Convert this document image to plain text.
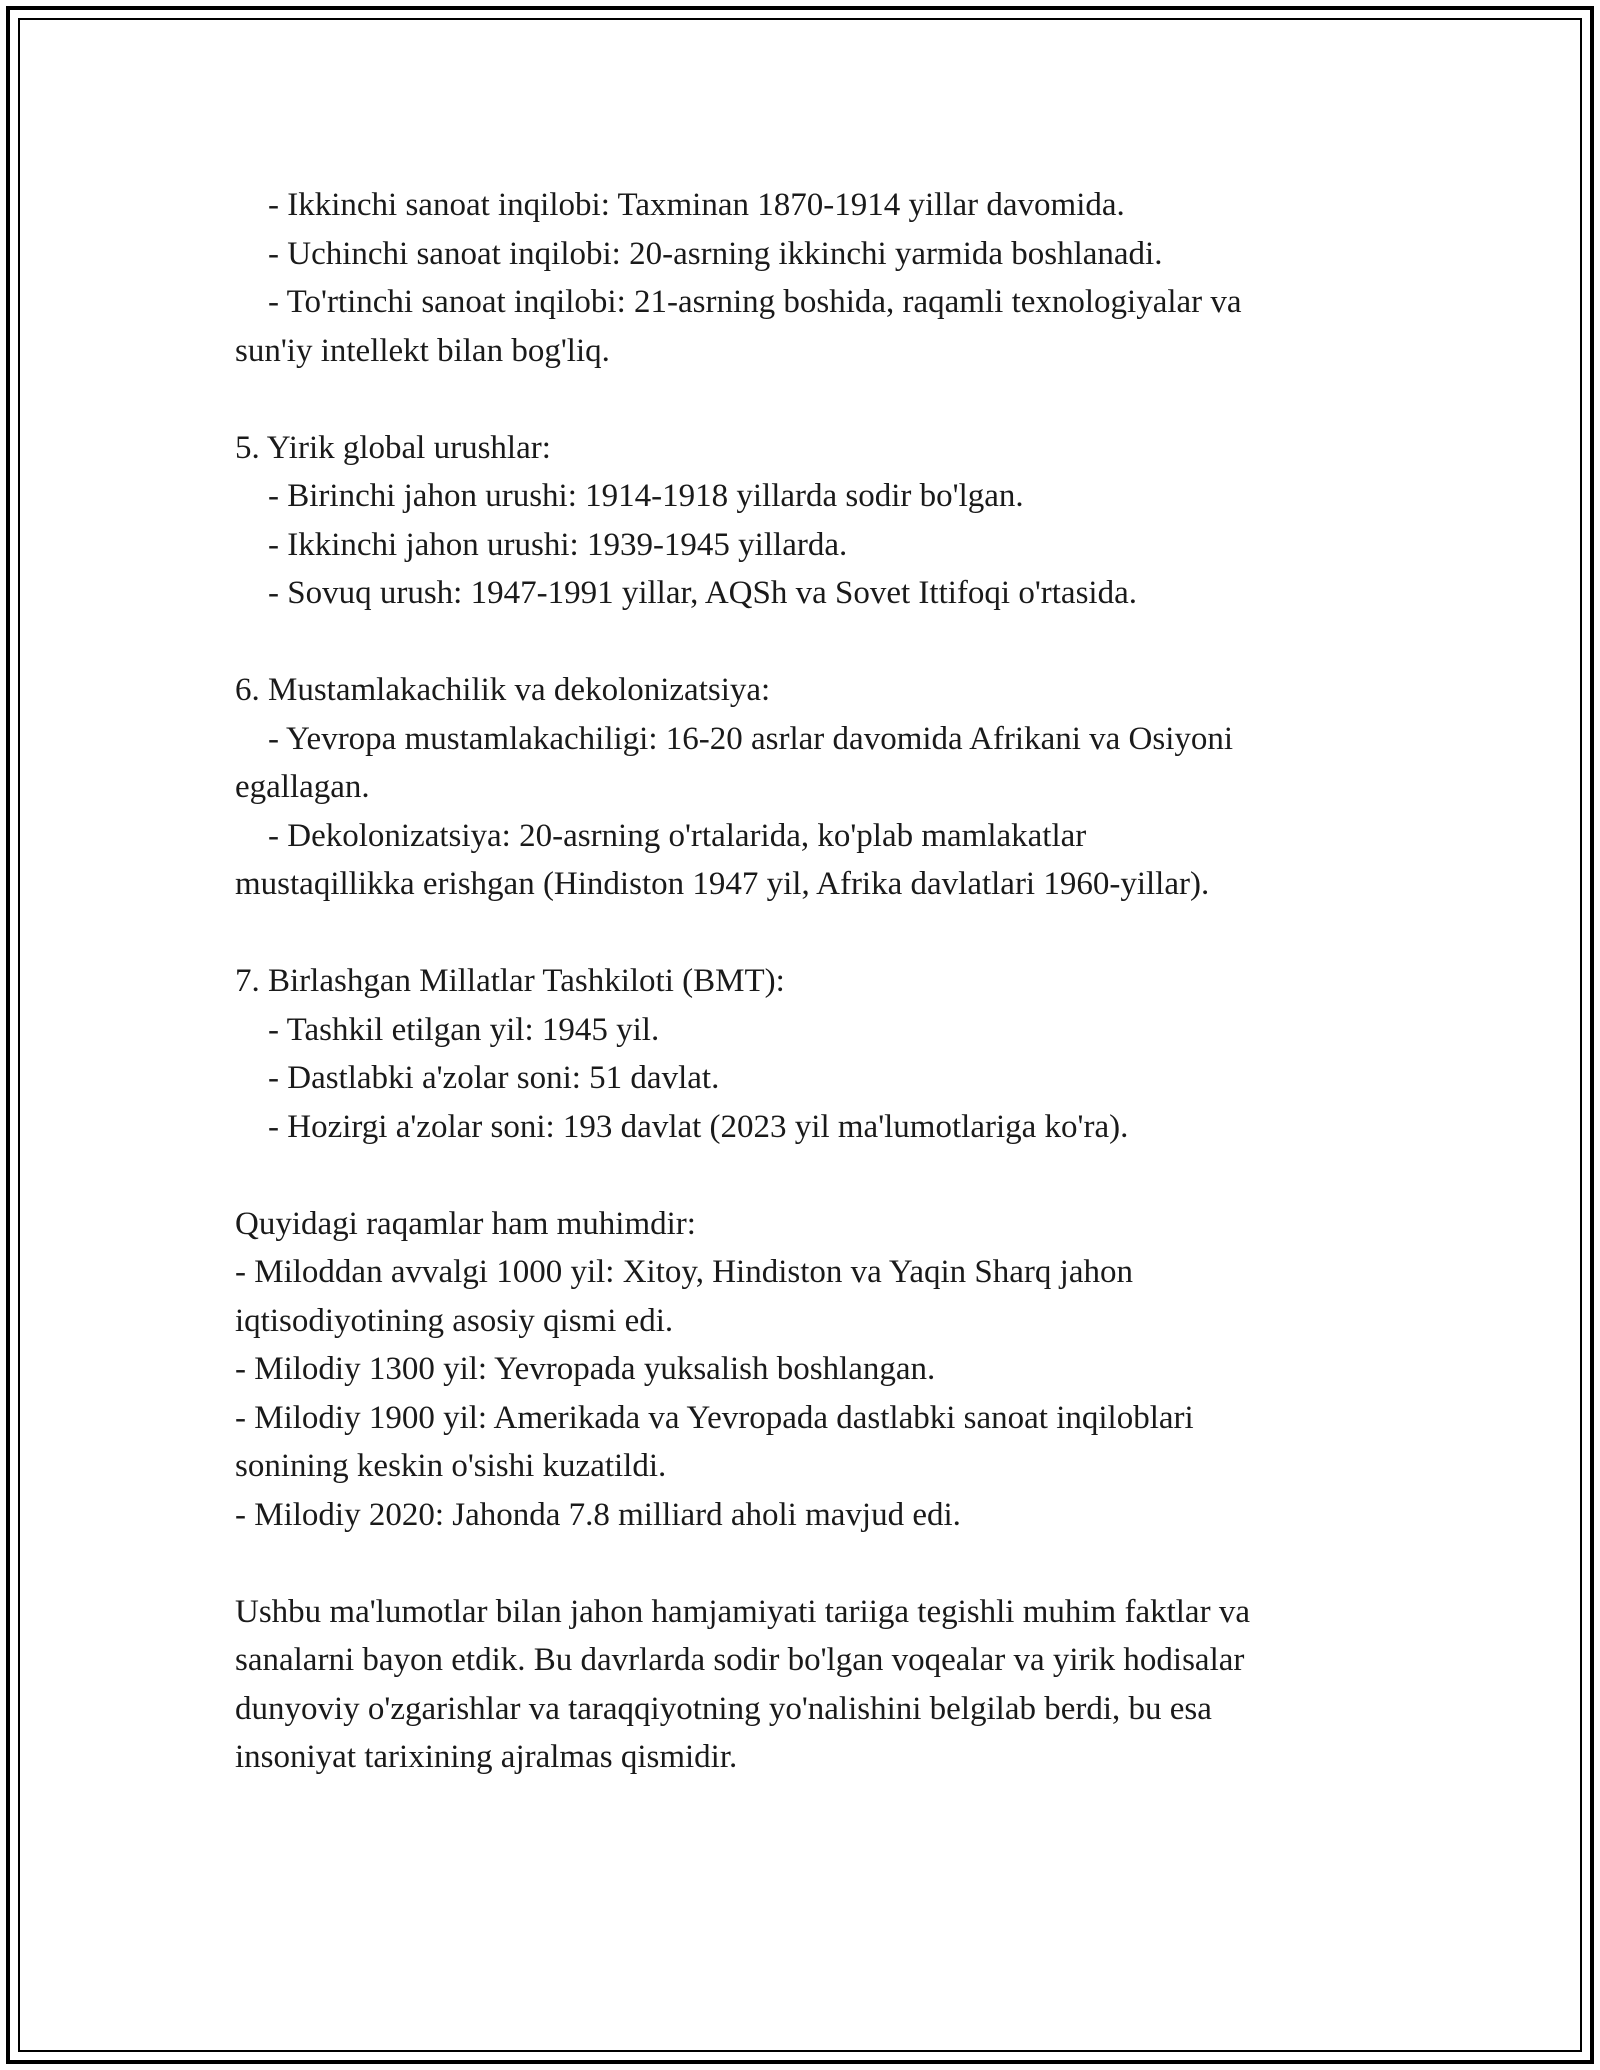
- Ikkinchi sanoat inqilobi: Taxminan 1870-1914 yillar davomida.

- Uchinchi sanoat inqilobi: 20-asrning ikkinchi yarmida boshlanadi.

- To'rtinchi sanoat inqilobi: 21-asrning boshida, raqamli texnologiyalar va

sun'iy intellekt bilan bog'liq.

5. Yirik global urushlar:

- Birinchi jahon urushi: 1914-1918 yillarda sodir bo'lgan.

- Ikkinchi jahon urushi: 1939-1945 yillarda.

- Sovuq urush: 1947-1991 yillar, AQSh va Sovet Ittifoqi o'rtasida.

6. Mustamlakachilik va dekolonizatsiya:

- Yevropa mustamlakachiligi: 16-20 asrlar davomida Afrikani va Osiyoni

egallagan.

- Dekolonizatsiya: 20-asrning o'rtalarida, ko'plab mamlakatlar

mustaqillikka erishgan (Hindiston 1947 yil, Afrika davlatlari 1960-yillar).

7. Birlashgan Millatlar Tashkiloti (BMT):

- Tashkil etilgan yil: 1945 yil.

- Dastlabki a'zolar soni: 51 davlat.

- Hozirgi a'zolar soni: 193 davlat (2023 yil ma'lumotlariga ko'ra).

Quyidagi raqamlar ham muhimdir:

- Miloddan avvalgi 1000 yil: Xitoy, Hindiston va Yaqin Sharq jahon

iqtisodiyotining asosiy qismi edi.

- Milodiy 1300 yil: Yevropada yuksalish boshlangan.

- Milodiy 1900 yil: Amerikada va Yevropada dastlabki sanoat inqiloblari

sonining keskin o'sishi kuzatildi.

- Milodiy 2020: Jahonda 7.8 milliard aholi mavjud edi.

Ushbu ma'lumotlar bilan jahon hamjamiyati tariiga tegishli muhim faktlar va

sanalarni bayon etdik. Bu davrlarda sodir bo'lgan voqealar va yirik hodisalar

dunyoviy o'zgarishlar va taraqqiyotning yo'nalishini belgilab berdi, bu esa

insoniyat tarixining ajralmas qismidir.
